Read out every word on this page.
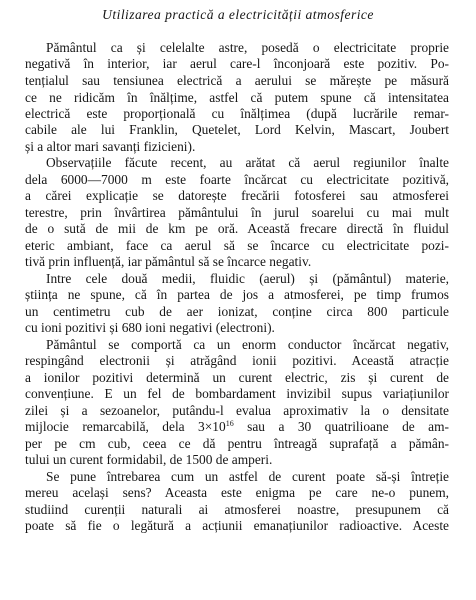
Utilizarea practică a electricității atmosferice
Pământul ca și celelalte astre, posedă o electricitate proprie
negativă în interior, iar aerul care-l înconjoară este pozitiv. Po-
tențialul sau tensiunea electrică a aerului se mărește pe măsură
ce ne ridicăm în înălțime, astfel că putem spune că intensitatea
electrică este proporțională cu înălțimea (după lucrările remar-
cabile ale lui Franklin, Quetelet, Lord Kelvin, Mascart, Joubert
și a altor mari savanți fizicieni).
Observațiile făcute recent, au arătat că aerul regiunilor înalte
dela 6000—7000 m este foarte încărcat cu electricitate pozitivă,
a cărei explicație se datorește frecării fotosferei sau atmosferei
terestre, prin învârtirea pământului în jurul soarelui cu mai mult
de o sută de mii de km pe oră. Această frecare directă în fluidul
eteric ambiant, face ca aerul să se încarce cu electricitate pozi-
tivă prin influență, iar pământul să se încarce negativ.
Intre cele două medii, fluidic (aerul) și (pământul) materie,
știința ne spune, că în partea de jos a atmosferei, pe timp frumos
un centimetru cub de aer ionizat, conține circa 800 particule
cu ioni pozitivi și 680 ioni negativi (electroni).
Pământul se comportă ca un enorm conductor încărcat negativ,
respingând electronii și atrăgând ionii pozitivi. Această atracție
a ionilor pozitivi determină un curent electric, zis și curent de
convențiune. E un fel de bombardament invizibil supus variațiunilor
zilei și a sezoanelor, putându-l evalua aproximativ la o densitate
mijlocie remarcabilă, dela $3\times 10^{16}$ sau a 30 quatrilioane de am-
per pe cm cub, ceea ce dă pentru întreagă suprafață a pămân-
tului un curent formidabil, de 1500 de amperi.
Se pune întrebarea cum un astfel de curent poate să-și întreție
mereu același sens? Aceasta este enigma pe care ne-o punem,
studiind curenții naturali ai atmosferei noastre, presupunem că
poate să fie o legătură a acțiunii emanațiunilor radioactive. Aceste
